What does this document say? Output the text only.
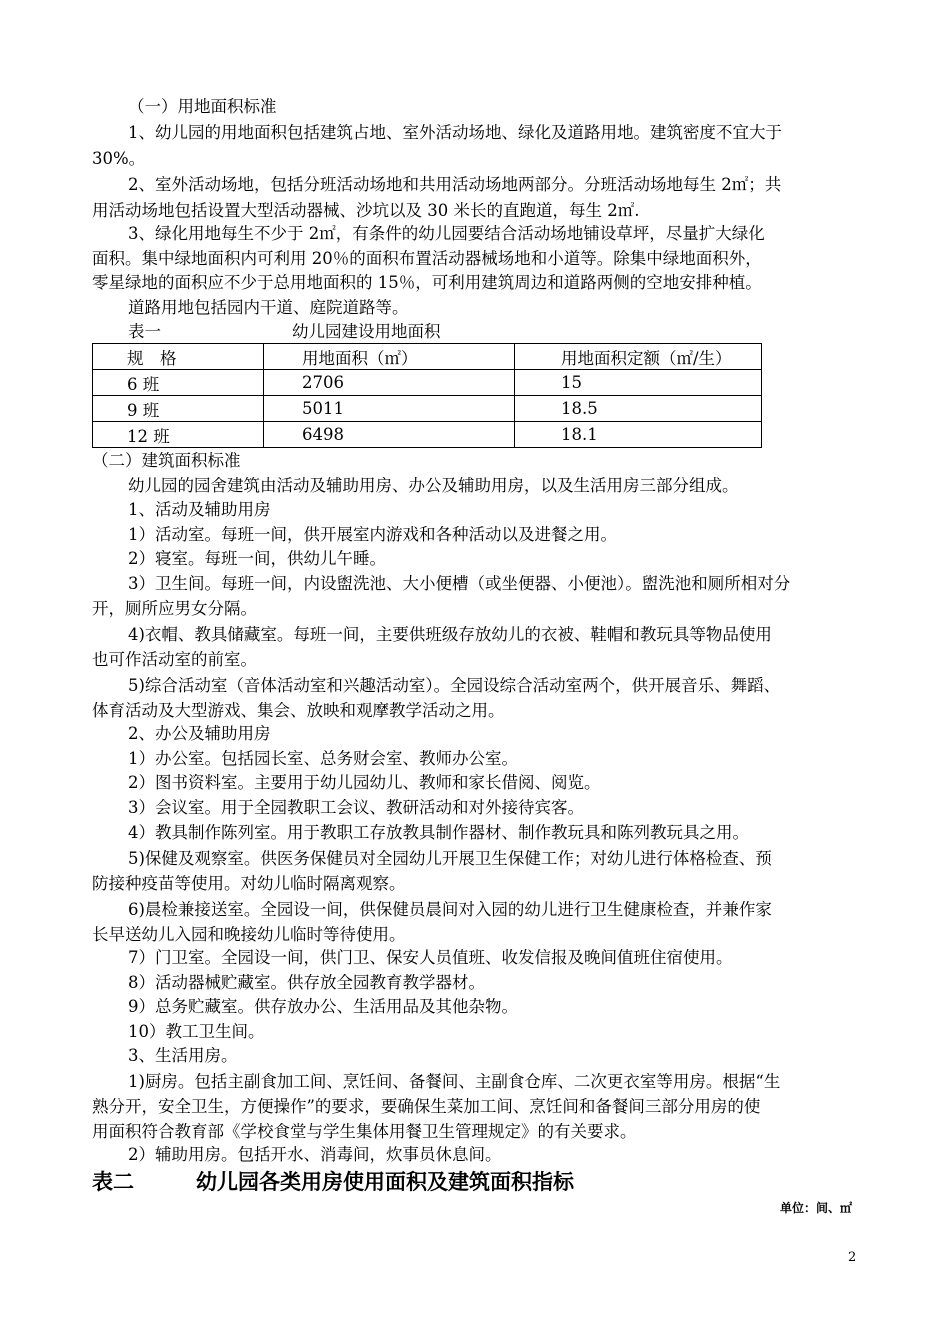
（一）用地面积标准
1、幼儿园的用地面积包括建筑占地、室外活动场地、绿化及道路用地。建筑密度不宜大于
30%。
2、室外活动场地，包括分班活动场地和共用活动场地两部分。分班活动场地每生 2㎡；共
用活动场地包括设置大型活动器械、沙坑以及 30 米长的直跑道，每生 2㎡.
3、绿化用地每生不少于 2㎡，有条件的幼儿园要结合活动场地铺设草坪，尽量扩大绿化
面积。集中绿地面积内可利用 20％的面积布置活动器械场地和小道等。除集中绿地面积外，
零星绿地的面积应不少于总用地面积的 15％，可利用建筑周边和道路两侧的空地安排种植。
道路用地包括园内干道、庭院道路等。
表一	幼儿园建设用地面积
规　格	用地面积（㎡）	用地面积定额（㎡/生）
6 班	2706	15
9 班	5011	18.5
12 班	6498	18.1
（二）建筑面积标准
幼儿园的园舍建筑由活动及辅助用房、办公及辅助用房，以及生活用房三部分组成。
1、活动及辅助用房
1）活动室。每班一间，供开展室内游戏和各种活动以及进餐之用。
2）寝室。每班一间，供幼儿午睡。
3）卫生间。每班一间，内设盥洗池、大小便槽（或坐便器、小便池）。盥洗池和厕所相对分
开，厕所应男女分隔。
4)衣帽、教具储藏室。每班一间，主要供班级存放幼儿的衣被、鞋帽和教玩具等物品使用
也可作活动室的前室。
5)综合活动室（音体活动室和兴趣活动室）。全园设综合活动室两个，供开展音乐、舞蹈、
体育活动及大型游戏、集会、放映和观摩教学活动之用。
2、办公及辅助用房
1）办公室。包括园长室、总务财会室、教师办公室。
2）图书资料室。主要用于幼儿园幼儿、教师和家长借阅、阅览。
3）会议室。用于全园教职工会议、教研活动和对外接待宾客。
4）教具制作陈列室。用于教职工存放教具制作器材、制作教玩具和陈列教玩具之用。
5)保健及观察室。供医务保健员对全园幼儿开展卫生保健工作；对幼儿进行体格检查、预
防接种疫苗等使用。对幼儿临时隔离观察。
6)晨检兼接送室。全园设一间，供保健员晨间对入园的幼儿进行卫生健康检查，并兼作家
长早送幼儿入园和晚接幼儿临时等待使用。
7）门卫室。全园设一间，供门卫、保安人员值班、收发信报及晚间值班住宿使用。
8）活动器械贮藏室。供存放全园教育教学器材。
9）总务贮藏室。供存放办公、生活用品及其他杂物。
10）教工卫生间。
3、生活用房。
1)厨房。包括主副食加工间、烹饪间、备餐间、主副食仓库、二次更衣室等用房。根据“生
熟分开，安全卫生，方便操作”的要求，要确保生菜加工间、烹饪间和备餐间三部分用房的使
用面积符合教育部《学校食堂与学生集体用餐卫生管理规定》的有关要求。
2）辅助用房。包括开水、消毒间，炊事员休息间。
表二	幼儿园各类用房使用面积及建筑面积指标
单位：间、㎡
2
